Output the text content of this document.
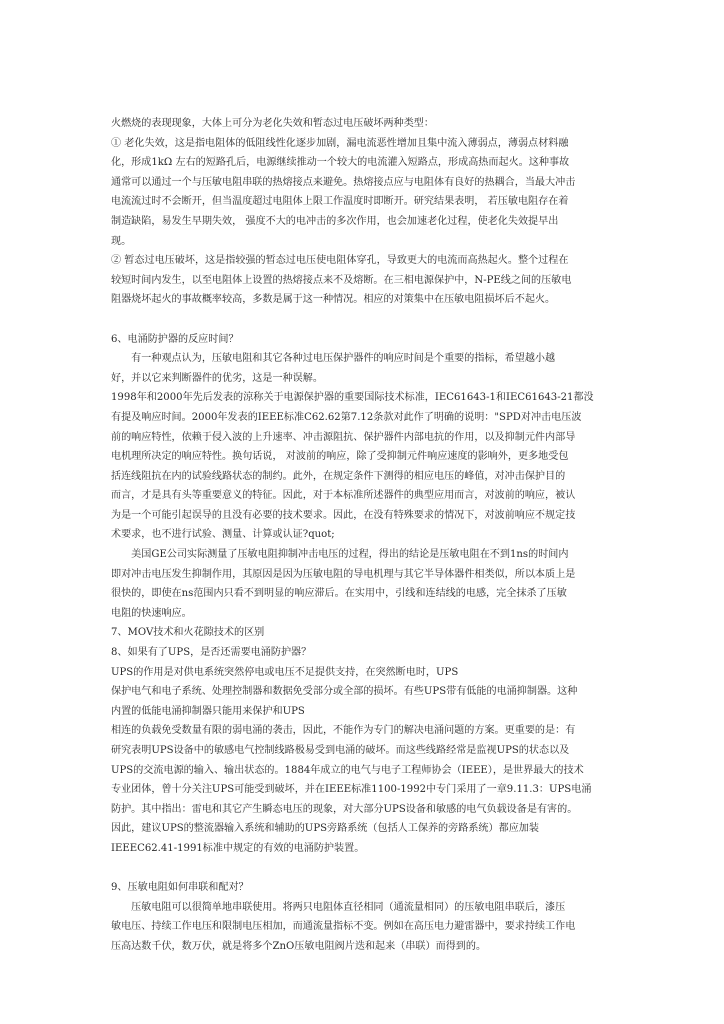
火燃烧的表现现象，大体上可分为老化失效和暂态过电压破坏两种类型：
① 老化失效，这是指电阻体的低阻线性化逐步加剧，漏电流恶性增加且集中流入薄弱点，薄弱点材料融
化，形成1kΩ 左右的短路孔后，电源继续推动一个较大的电流灌入短路点，形成高热而起火。这种事故
通常可以通过一个与压敏电阻串联的热熔接点来避免。热熔接点应与电阻体有良好的热耦合，当最大冲击
电流流过时不会断开，但当温度超过电阻体上限工作温度时即断开。研究结果表明， 若压敏电阻存在着
制造缺陷，易发生早期失效， 强度不大的电冲击的多次作用，也会加速老化过程，使老化失效提早出
现。
② 暂态过电压破坏，这是指较强的暂态过电压使电阻体穿孔，导致更大的电流而高热起火。整个过程在
较短时间内发生，以至电阻体上设置的热熔接点来不及熔断。在三相电源保护中，N-PE线之间的压敏电
阻器烧坏起火的事故概率较高，多数是属于这一种情况。相应的对策集中在压敏电阻损坏后不起火。
6、电涌防护器的反应时间？
　　有一种观点认为，压敏电阻和其它各种过电压保护器件的响应时间是个重要的指标，希望越小越
好，并以它来判断器件的优劣，这是一种误解。
1998年和2000年先后发表的涼称关于电源保护器的重要国际技术标准，IEC61643-1和IEC61643-21都没
有提及响应时间。2000年发表的IEEE标准C62.62第7.12条款对此作了明确的说明："SPD对冲击电压波
前的响应特性，依赖于侵入波的上升速率、冲击源阻抗、保护器件内部电抗的作用，以及抑制元件内部导
电机理所决定的响应特性。换句话说， 对波前的响应，除了受抑制元件响应速度的影响外，更多地受包
括连线阻抗在内的试验线路状态的制约。此外，在规定条件下测得的相应电压的峰值，对冲击保护目的
而言，才是具有头等重要意义的特征。因此，对于本标准所述器件的典型应用而言，对波前的响应，被认
为是一个可能引起误导的且没有必要的技术要求。因此，在没有特殊要求的情况下，对波前响应不规定技
术要求，也不进行试验、测量、计算或认证?quot;
　　美国GE公司实际测量了压敏电阻抑制冲击电压的过程，得出的结论是压敏电阻在不到1ns的时间内
即对冲击电压发生抑制作用，其原因是因为压敏电阻的导电机理与其它半导体器件相类似，所以本质上是
很快的，即使在ns范围内只看不到明显的响应滞后。在实用中，引线和连结线的电感，完全抹杀了压敏
电阻的快速响应。
7、MOV技术和火花隙技术的区别
8、如果有了UPS，是否还需要电涌防护器？
UPS的作用是对供电系统突然停电或电压不足提供支持，在突然断电时，UPS
保护电气和电子系统、处理控制器和数据免受部分或全部的损坏。有些UPS带有低能的电涌抑制器。这种
内置的低能电涌抑制器只能用来保护和UPS
相连的负载免受数量有限的弱电涌的袭击，因此，不能作为专门的解决电涌问题的方案。更重要的是：有
研究表明UPS设备中的敏感电气控制线路极易受到电涌的破坏。而这些线路经常是监视UPS的状态以及
UPS的交流电源的输入、输出状态的。1884年成立的电气与电子工程师协会（IEEE），是世界最大的技术
专业团体，曾十分关注UPS可能受到破坏，并在IEEE标准1100-1992中专门采用了一章9.11.3：UPS电涌
防护。其中指出：雷电和其它产生瞬态电压的现象，对大部分UPS设备和敏感的电气负载设备是有害的。
因此，建议UPS的整流器输入系统和辅助的UPS旁路系统（包括人工保养的旁路系统）都应加装
IEEEC62.41-1991标准中规定的有效的电涌防护装置。
9、压敏电阻如何串联和配对？
　　压敏电阻可以很简单地串联使用。将两只电阻体直径相同（通流量相同）的压敏电阻串联后，漆压
敏电压、持续工作电压和限制电压相加，而通流量指标不变。例如在高压电力避雷器中，要求持续工作电
压高达数千伏，数万伏，就是将多个ZnO压敏电阻阀片迭和起来（串联）而得到的。
